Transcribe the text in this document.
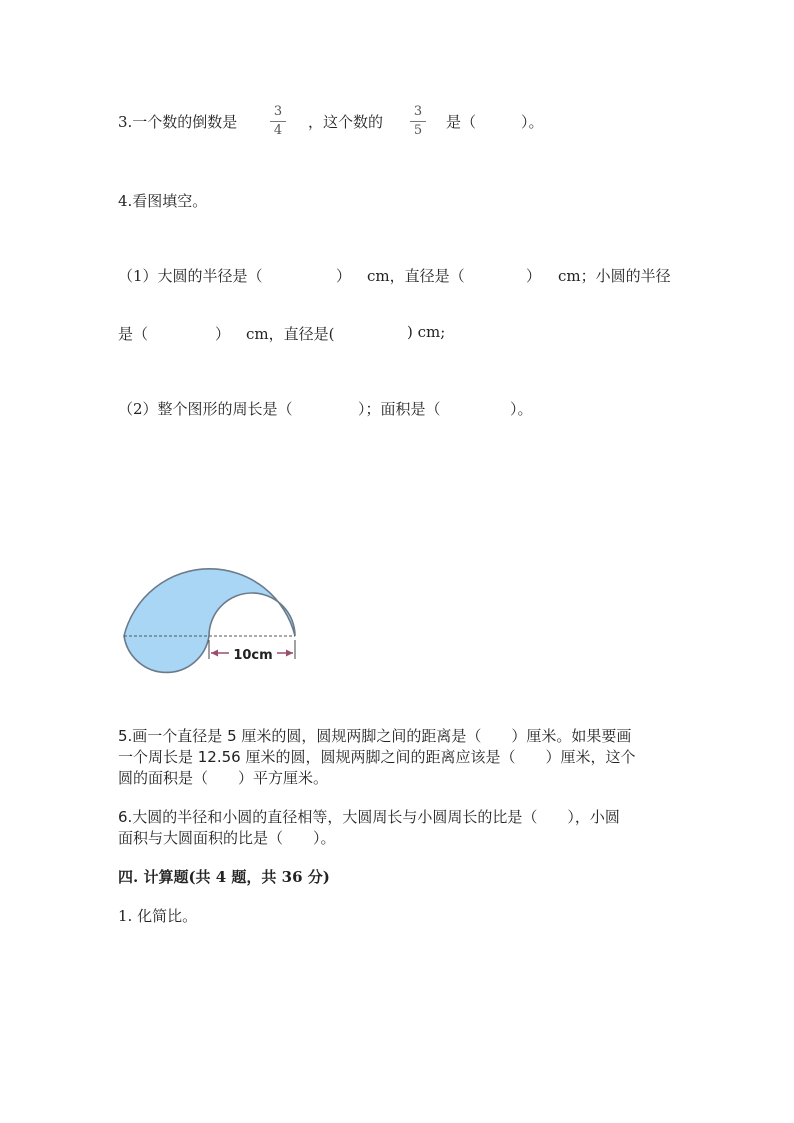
3.一个数的倒数是
3
4 ，这个数的
3
5 是（　　　）。
4.看图填空。
（1）大圆的半径是（	） cm，直径是（	） cm；小圆的半径
是（	） cm，直径是(	) cm;
（2）整个图形的周长是（	）；面积是（	）。
10cm
5.画一个直径是 5 厘米的圆，圆规两脚之间的距离是（　　）厘米。如果要画
一个周长是 12.56 厘米的圆，圆规两脚之间的距离应该是（　　）厘米，这个
圆的面积是（　　）平方厘米。
6.大圆的半径和小圆的直径相等，大圆周长与小圆周长的比是（　　），小圆
面积与大圆面积的比是（　　）。
四. 计算题(共 4 题，共 36 分)
1. 化简比。
